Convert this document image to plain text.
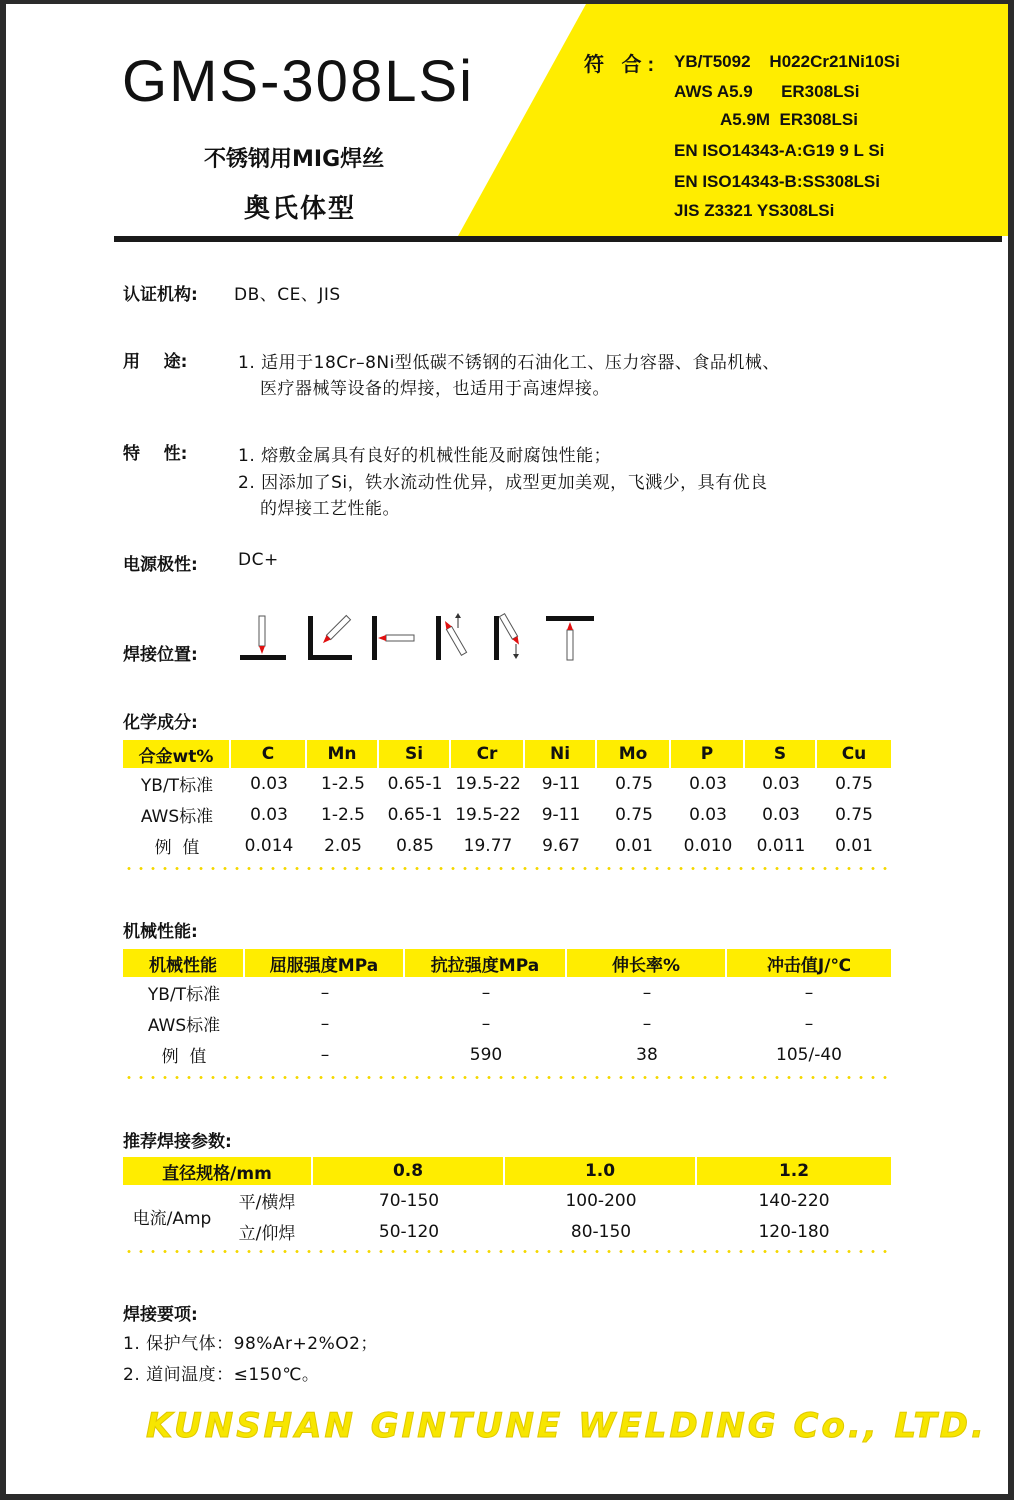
GMS-308LSi
不锈钢用MIG焊丝
奥氏体型
符 合: YB/T5092    H022Cr21Ni10Si
AWS A5.9      ER308LSi
A5.9M  ER308LSi
EN ISO14343-A:G19 9 L Si
EN ISO14343-B:SS308LSi
JIS Z3321 YS308LSi
认证机构: DB、CE、JIS
用    途:	1. 适用于18Cr–8Ni型低碳不锈钢的石油化工、压力容器、食品机械、
医疗器械等设备的焊接，也适用于高速焊接。
特    性:	1. 熔敷金属具有良好的机械性能及耐腐蚀性能；
2. 因添加了Si，铁水流动性优异，成型更加美观，飞溅少，具有优良
的焊接工艺性能。
电源极性: DC+
焊接位置:
化学成分:
合金wt%	C	Mn	Si	Cr	Ni	Mo	P	S	Cu
YB/T标准	0.03	1-2.5	0.65-1	19.5-22	9-11	0.75	0.03	0.03	0.75
AWS标准	0.03	1-2.5	0.65-1	19.5-22	9-11	0.75	0.03	0.03	0.75
例  值	0.014	2.05	0.85	19.77	9.67	0.01	0.010	0.011	0.01
机械性能:
机械性能	屈服强度MPa	抗拉强度MPa	伸长率%	冲击值J/℃
YB/T标准	–	–	–	–
AWS标准	–	–	–	–
例  值	–	590	38	105/-40
推荐焊接参数:
直径规格/mm		0.8	1.0	1.2
电流/Amp	平/横焊	70-150	100-200	140-220
	立/仰焊	50-120	80-150	120-180
焊接要项:
1. 保护气体：98%Ar+2%O2；
2. 道间温度：≤150℃。
KUNSHAN GINTUNE WELDING Co., LTD.
